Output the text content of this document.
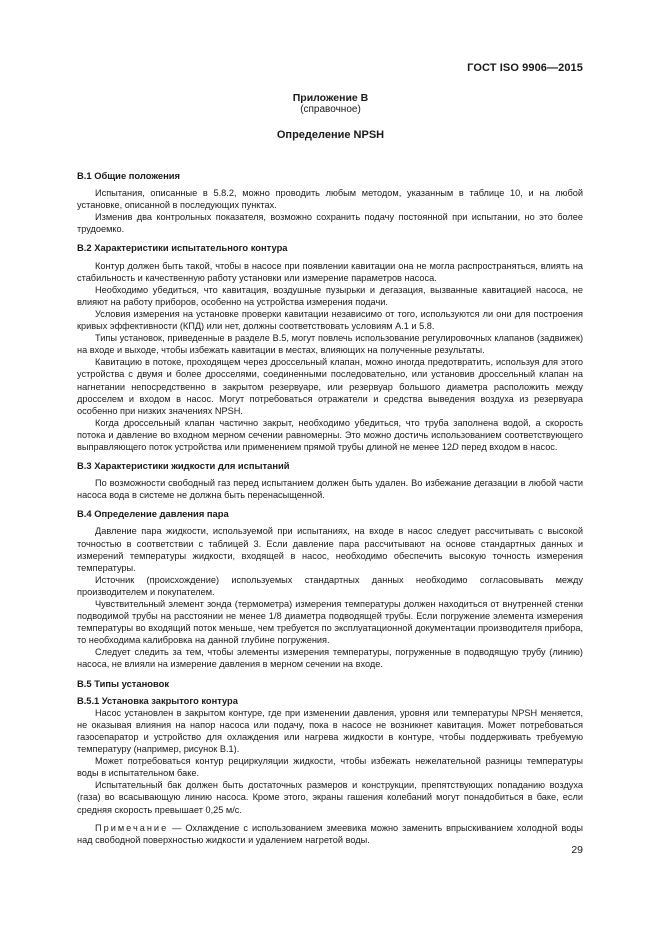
ГОСТ ISO 9906—2015
Приложение В
(справочное)
Определение NPSH
В.1 Общие положения

Испытания, описанные в 5.8.2, можно проводить любым методом, указанным в таблице 10, и на любой установке, описанной в последующих пунктах.

Изменив два контрольных показателя, возможно сохранить подачу постоянной при испытании, но это более трудоемко.

В.2 Характеристики испытательного контура

Контур должен быть такой, чтобы в насосе при появлении кавитации она не могла распространяться, влиять на стабильность и качественную работу установки или измерение параметров насоса.

Необходимо убедиться, что кавитация, воздушные пузырьки и дегазация, вызванные кавитацией насоса, не влияют на работу приборов, особенно на устройства измерения подачи.

Условия измерения на установке проверки кавитации независимо от того, используются ли они для построения кривых эффективности (КПД) или нет, должны соответствовать условиям А.1 и 5.8.

Типы установок, приведенные в разделе В.5, могут повлечь использование регулировочных клапанов (задвижек) на входе и выходе, чтобы избежать кавитации в местах, влияющих на полученные результаты.

Кавитацию в потоке, проходящем через дроссельный клапан, можно иногда предотвратить, используя для этого устройства с двумя и более дросселями, соединенными последовательно, или установив дроссельный клапан на нагнетании непосредственно в закрытом резервуаре, или резервуар большого диаметра расположить между дросселем и входом в насос. Могут потребоваться отражатели и средства выведения воздуха из резервуара особенно при низких значениях NPSH.

Когда дроссельный клапан частично закрыт, необходимо убедиться, что труба заполнена водой, а скорость потока и давление во входном мерном сечении равномерны. Это можно достичь использованием соответствующего выправляющего поток устройства или применением прямой трубы длиной не менее 12D перед входом в насос.

В.3 Характеристики жидкости для испытаний

По возможности свободный газ перед испытанием должен быть удален. Во избежание дегазации в любой части насоса вода в системе не должна быть перенасыщенной.

В.4 Определение давления пара

Давление пара жидкости, используемой при испытаниях, на входе в насос следует рассчитывать с высокой точностью в соответствии с таблицей 3. Если давление пара рассчитывают на основе стандартных данных и измерений температуры жидкости, входящей в насос, необходимо обеспечить высокую точность измерения температуры.

Источник (происхождение) используемых стандартных данных необходимо согласовывать между производителем и покупателем.

Чувствительный элемент зонда (термометра) измерения температуры должен находиться от внутренней стенки подводимой трубы на расстоянии не менее 1/8 диаметра подводящей трубы. Если погружение элемента измерения температуры во входящий поток меньше, чем требуется по эксплуатационной документации производителя прибора, то необходима калибровка на данной глубине погружения.

Следует следить за тем, чтобы элементы измерения температуры, погруженные в подводящую трубу (линию) насоса, не влияли на измерение давления в мерном сечении на входе.

В.5 Типы установок
В.5.1 Установка закрытого контура

Насос установлен в закрытом контуре, где при изменении давления, уровня или температуры NPSH меняется, не оказывая влияния на напор насоса или подачу, пока в насосе не возникнет кавитация. Может потребоваться газосепаратор и устройство для охлаждения или нагрева жидкости в контуре, чтобы поддерживать требуемую температуру (например, рисунок В.1).

Может потребоваться контур рециркуляции жидкости, чтобы избежать нежелательной разницы температуры воды в испытательном баке.

Испытательный бак должен быть достаточных размеров и конструкции, препятствующих попаданию воздуха (газа) во всасывающую линию насоса. Кроме этого, экраны гашения колебаний могут понадобиться в баке, если средняя скорость превышает 0,25 м/с.

Примечание — Охлаждение с использованием змеевика можно заменить впрыскиванием холодной воды над свободной поверхностью жидкости и удалением нагретой воды.

29
